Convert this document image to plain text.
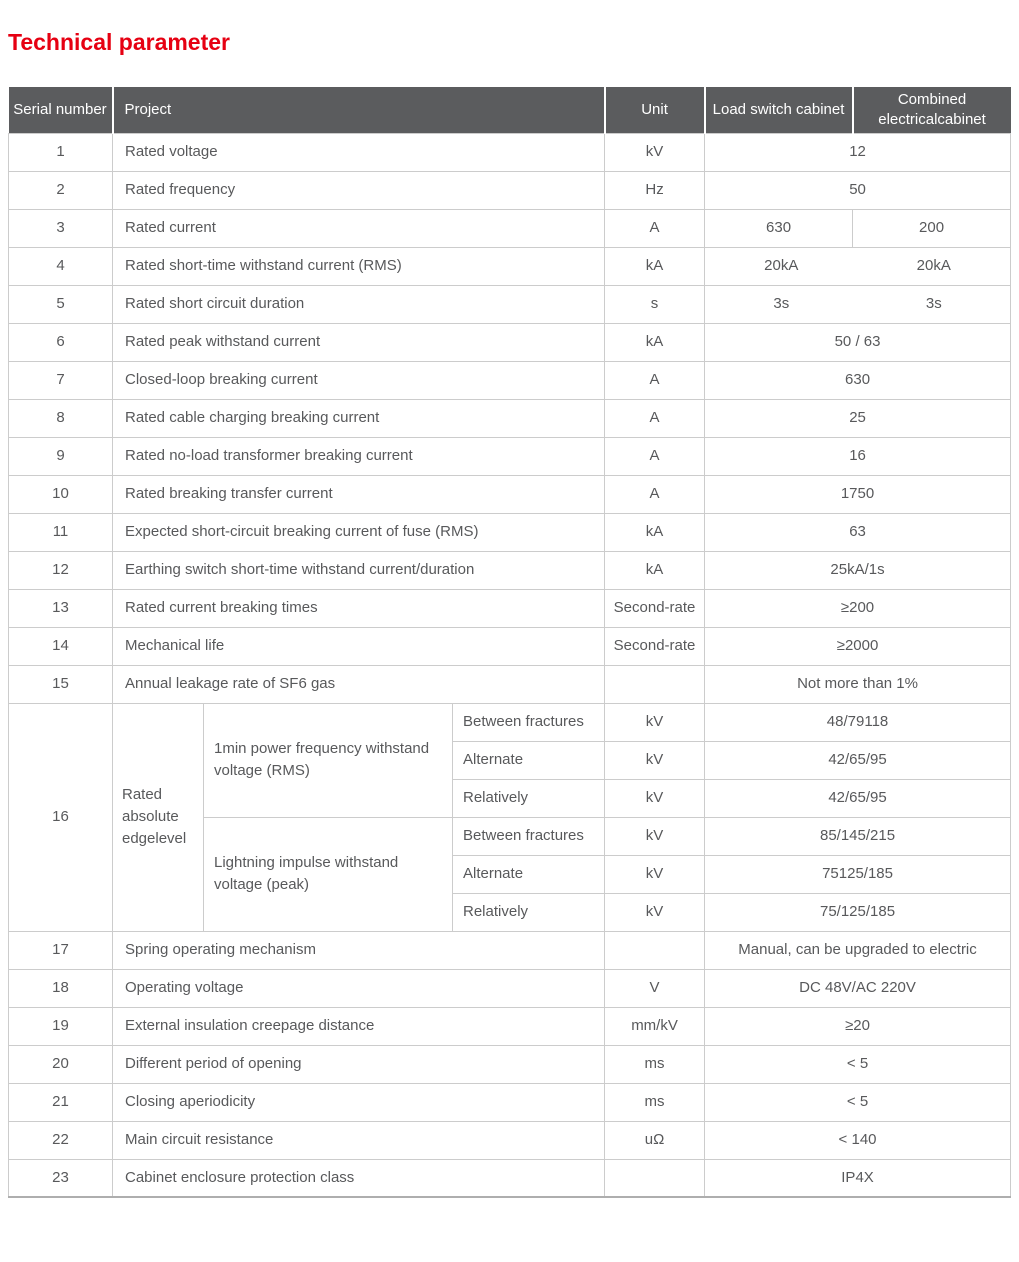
Technical parameter
Serial number	Project			Unit	Load switch cabinet	Combined electricalcabinet
1	Rated voltage			kV	12	
2	Rated frequency			Hz	50	
3	Rated current			A	630	200
4	Rated short-time withstand current (RMS)			kA	20kA 20kA	

5	Rated short circuit duration			s	3s 3s	

6	Rated peak withstand current			kA	50 / 63	
7	Closed-loop breaking current			A	630	
8	Rated cable charging breaking current			A	25	
9	Rated no-load transformer breaking current			A	16	
10	Rated breaking transfer current			A	1750	
11	Expected short-circuit breaking current of fuse (RMS)			kA	63	
12	Earthing switch short-time withstand current/duration			kA	25kA/1s	
13	Rated current breaking times			Second-rate	≥200	
14	Mechanical life			Second-rate	≥2000	
15	Annual leakage rate of SF6 gas				Not more than 1%	
16	Rated absolute edgelevel	1min power frequency withstand voltage (RMS)	Between fractures	kV	48/79118	
			Alternate	kV	42/65/95	
			Relatively	kV	42/65/95	
		Lightning impulse withstand voltage (peak)	Between fractures	kV	85/145/215	
			Alternate	kV	75125/185	
			Relatively	kV	75/125/185	
17	Spring operating mechanism				Manual, can be upgraded to electric	
18	Operating voltage			V	DC 48V/AC 220V	
19	External insulation creepage distance			mm/kV	≥20	
20	Different period of opening			ms	< 5	
21	Closing aperiodicity			ms	< 5	
22	Main circuit resistance			uΩ	< 140	
23	Cabinet enclosure protection class				IP4X	
